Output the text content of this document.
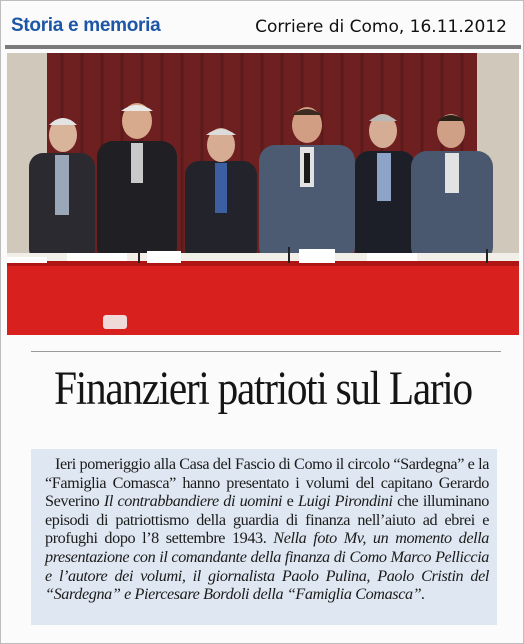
Storia e memoria	Corriere di Como, 16.11.2012
Finanzieri patrioti sul Lario

Ieri pomeriggio alla Casa del Fascio di Como il circolo “Sardegna” e la “Famiglia Comasca” hanno presentato i volumi del capitano Gerardo Severino Il contrabbandiere di uomini e Luigi Pirondini che illuminano episodi di patriottismo della guardia di finanza nell’aiuto ad ebrei e profughi dopo l’8 settembre 1943. Nella foto Mv, un momento della presentazione con il comandante della finanza di Como Marco Pelliccia e l’autore dei volumi, il giornalista Paolo Pulina, Paolo Cristin del “Sardegna” e Piercesare Bordoli della “Famiglia Comasca”.
